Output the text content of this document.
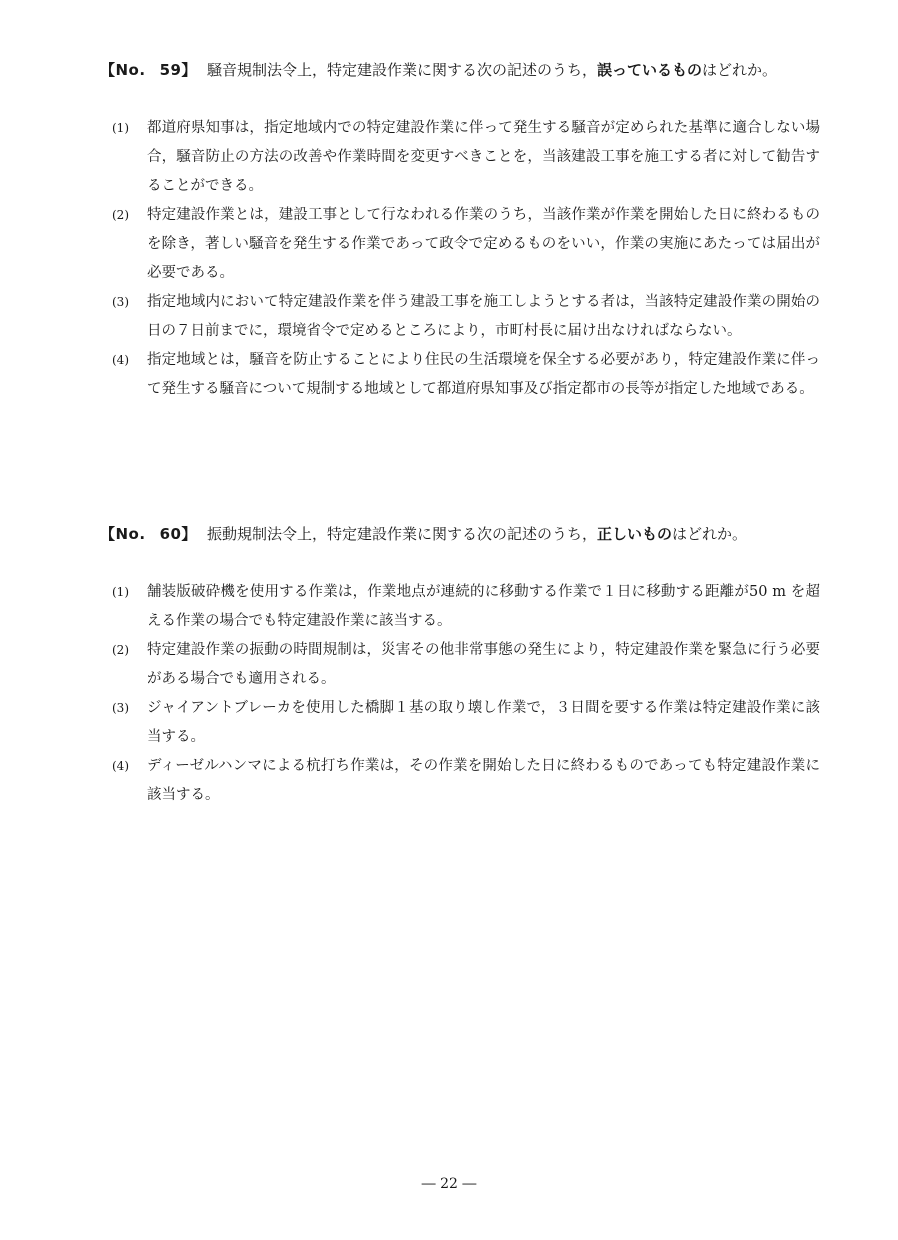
【No. 59】 騒音規制法令上，特定建設作業に関する次の記述のうち，誤っているものはどれか。
(1)	都道府県知事は，指定地域内での特定建設作業に伴って発生する騒音が定められた基準に適合しない場合，騒音防止の方法の改善や作業時間を変更すべきことを，当該建設工事を施工する者に対して勧告することができる。
(2)	特定建設作業とは，建設工事として行なわれる作業のうち，当該作業が作業を開始した日に終わるものを除き，著しい騒音を発生する作業であって政令で定めるものをいい，作業の実施にあたっては届出が必要である。
(3)	指定地域内において特定建設作業を伴う建設工事を施工しようとする者は，当該特定建設作業の開始の日の７日前までに，環境省令で定めるところにより，市町村長に届け出なければならない。
(4)	指定地域とは，騒音を防止することにより住民の生活環境を保全する必要があり，特定建設作業に伴って発生する騒音について規制する地域として都道府県知事及び指定都市の長等が指定した地域である。
【No. 60】 振動規制法令上，特定建設作業に関する次の記述のうち，正しいものはどれか。
(1)	舗装版破砕機を使用する作業は，作業地点が連続的に移動する作業で１日に移動する距離が50 m を超える作業の場合でも特定建設作業に該当する。
(2)	特定建設作業の振動の時間規制は，災害その他非常事態の発生により，特定建設作業を緊急に行う必要がある場合でも適用される。
(3)	ジャイアントブレーカを使用した橋脚１基の取り壊し作業で，３日間を要する作業は特定建設作業に該当する。
(4)	ディーゼルハンマによる杭打ち作業は，その作業を開始した日に終わるものであっても特定建設作業に該当する。
― 22 ―
